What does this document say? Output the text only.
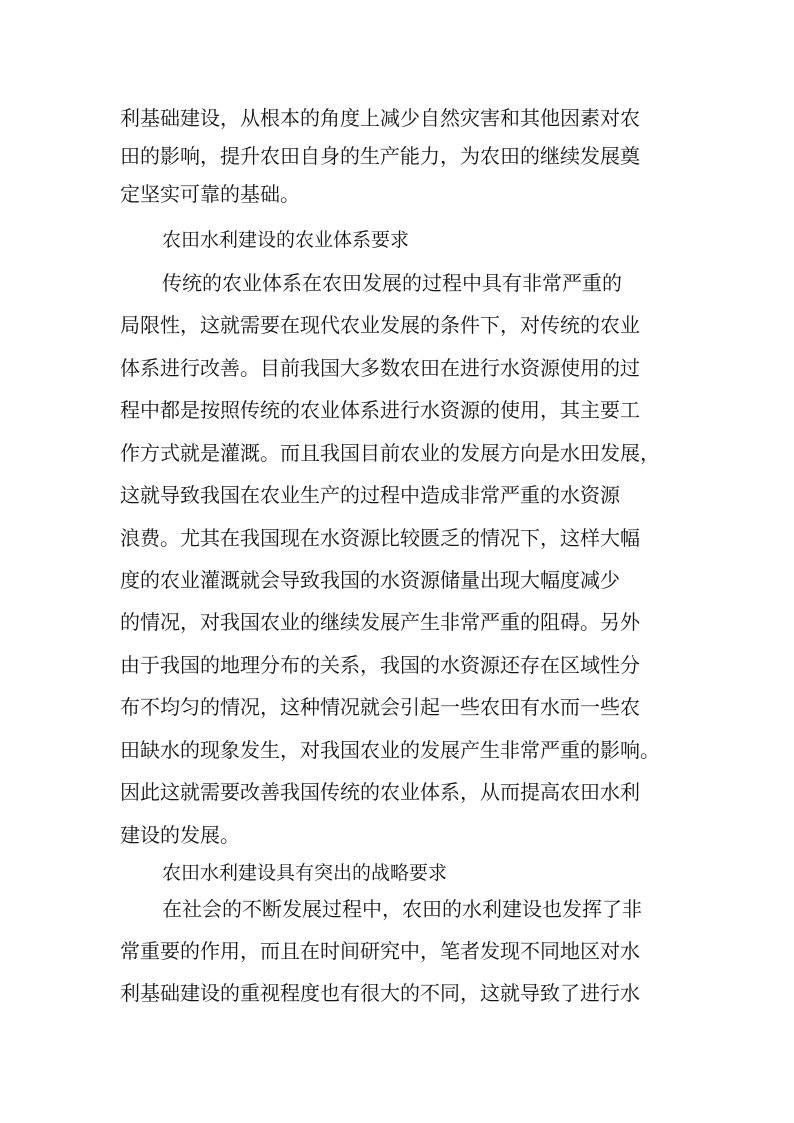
利基础建设，从根本的角度上减少自然灾害和其他因素对农
田的影响，提升农田自身的生产能力，为农田的继续发展奠
定坚实可靠的基础。
农田水利建设的农业体系要求
传统的农业体系在农田发展的过程中具有非常严重的
局限性，这就需要在现代农业发展的条件下，对传统的农业
体系进行改善。目前我国大多数农田在进行水资源使用的过
程中都是按照传统的农业体系进行水资源的使用，其主要工
作方式就是灌溉。而且我国目前农业的发展方向是水田发展，
这就导致我国在农业生产的过程中造成非常严重的水资源
浪费。尤其在我国现在水资源比较匮乏的情况下，这样大幅
度的农业灌溉就会导致我国的水资源储量出现大幅度减少
的情况，对我国农业的继续发展产生非常严重的阻碍。另外
由于我国的地理分布的关系，我国的水资源还存在区域性分
布不均匀的情况，这种情况就会引起一些农田有水而一些农
田缺水的现象发生，对我国农业的发展产生非常严重的影响。
因此这就需要改善我国传统的农业体系，从而提高农田水利
建设的发展。
农田水利建设具有突出的战略要求
在社会的不断发展过程中，农田的水利建设也发挥了非
常重要的作用，而且在时间研究中，笔者发现不同地区对水
利基础建设的重视程度也有很大的不同，这就导致了进行水
